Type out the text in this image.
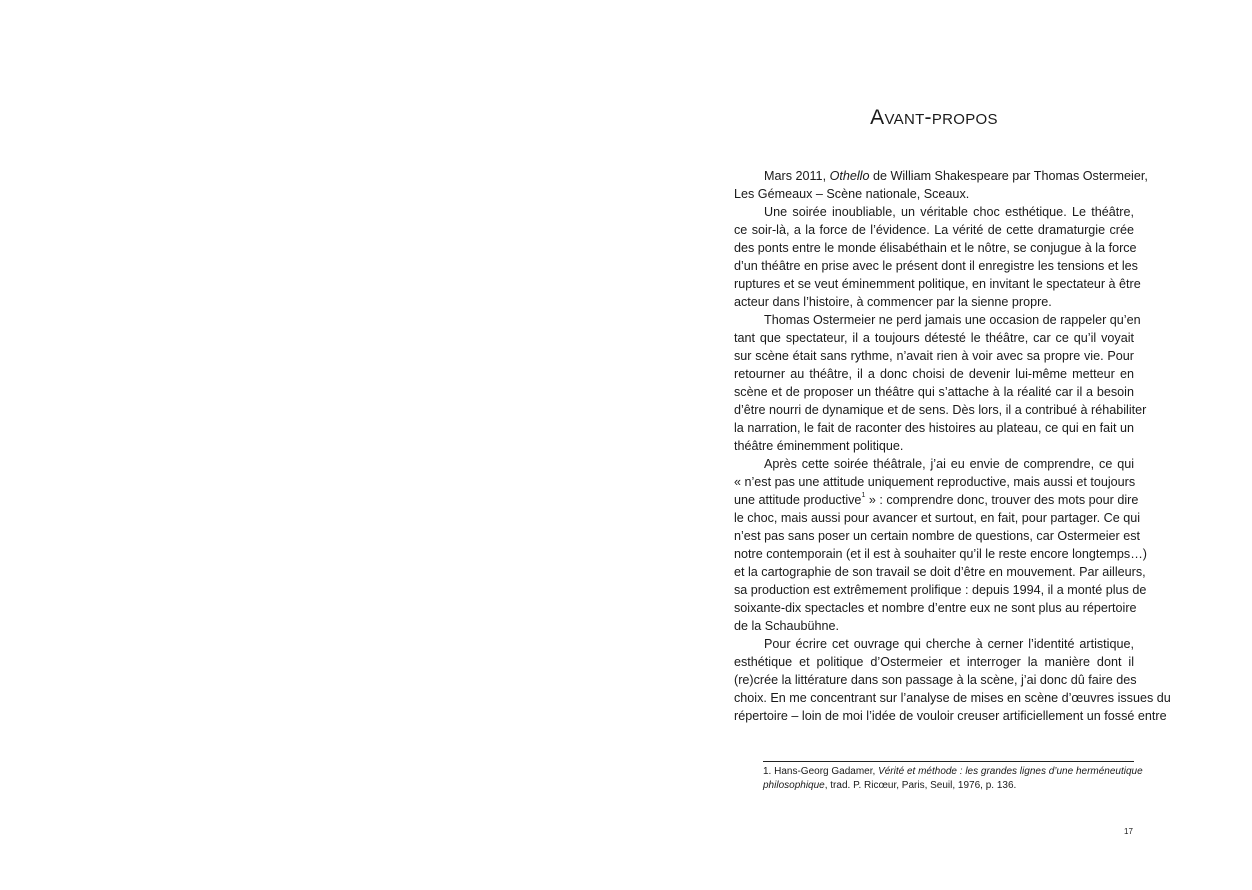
Avant-propos
Mars 2011, Othello de William Shakespeare par Thomas Ostermeier,
Les Gémeaux – Scène nationale, Sceaux.
Une soirée inoubliable, un véritable choc esthétique. Le théâtre,
ce soir-là, a la force de l’évidence. La vérité de cette dramaturgie crée
des ponts entre le monde élisabéthain et le nôtre, se conjugue à la force
d’un théâtre en prise avec le présent dont il enregistre les tensions et les
ruptures et se veut éminemment politique, en invitant le spectateur à être
acteur dans l’histoire, à commencer par la sienne propre.
Thomas Ostermeier ne perd jamais une occasion de rappeler qu’en
tant que spectateur, il a toujours détesté le théâtre, car ce qu’il voyait
sur scène était sans rythme, n’avait rien à voir avec sa propre vie. Pour
retourner au théâtre, il a donc choisi de devenir lui-même metteur en
scène et de proposer un théâtre qui s’attache à la réalité car il a besoin
d’être nourri de dynamique et de sens. Dès lors, il a contribué à réhabiliter
la narration, le fait de raconter des histoires au plateau, ce qui en fait un
théâtre éminemment politique.
Après cette soirée théâtrale, j’ai eu envie de comprendre, ce qui
« n’est pas une attitude uniquement reproductive, mais aussi et toujours
une attitude productive$^1$ » : comprendre donc, trouver des mots pour dire
le choc, mais aussi pour avancer et surtout, en fait, pour partager. Ce qui
n’est pas sans poser un certain nombre de questions, car Ostermeier est
notre contemporain (et il est à souhaiter qu’il le reste encore longtemps…)
et la cartographie de son travail se doit d’être en mouvement. Par ailleurs,
sa production est extrêmement prolifique : depuis 1994, il a monté plus de
soixante-dix spectacles et nombre d’entre eux ne sont plus au répertoire
de la Schaubühne.
Pour écrire cet ouvrage qui cherche à cerner l’identité artistique,
esthétique et politique d’Ostermeier et interroger la manière dont il
(re)crée la littérature dans son passage à la scène, j’ai donc dû faire des
choix. En me concentrant sur l’analyse de mises en scène d’œuvres issues du
répertoire – loin de moi l’idée de vouloir creuser artificiellement un fossé entre
1. Hans-Georg Gadamer, Vérité et méthode : les grandes lignes d’une herméneutique
philosophique, trad. P. Ricœur, Paris, Seuil, 1976, p. 136.
17
